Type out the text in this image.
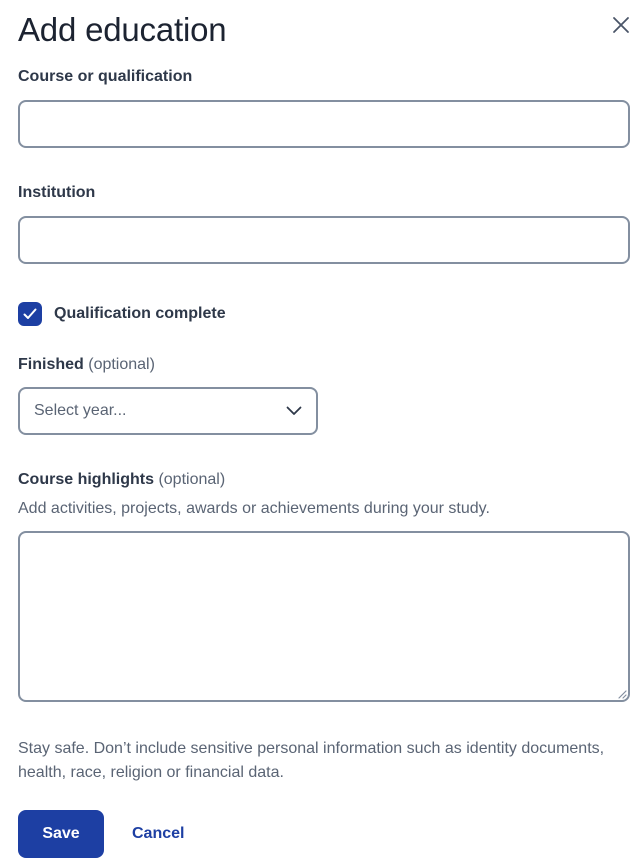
Add education
Course or qualification
Institution
Qualification complete
Finished (optional)
Select year...
Course highlights (optional)
Add activities, projects, awards or achievements during your study.

Stay safe. Don’t include sensitive personal information such as identity documents, health, race, religion or financial data.

Save	Cancel
